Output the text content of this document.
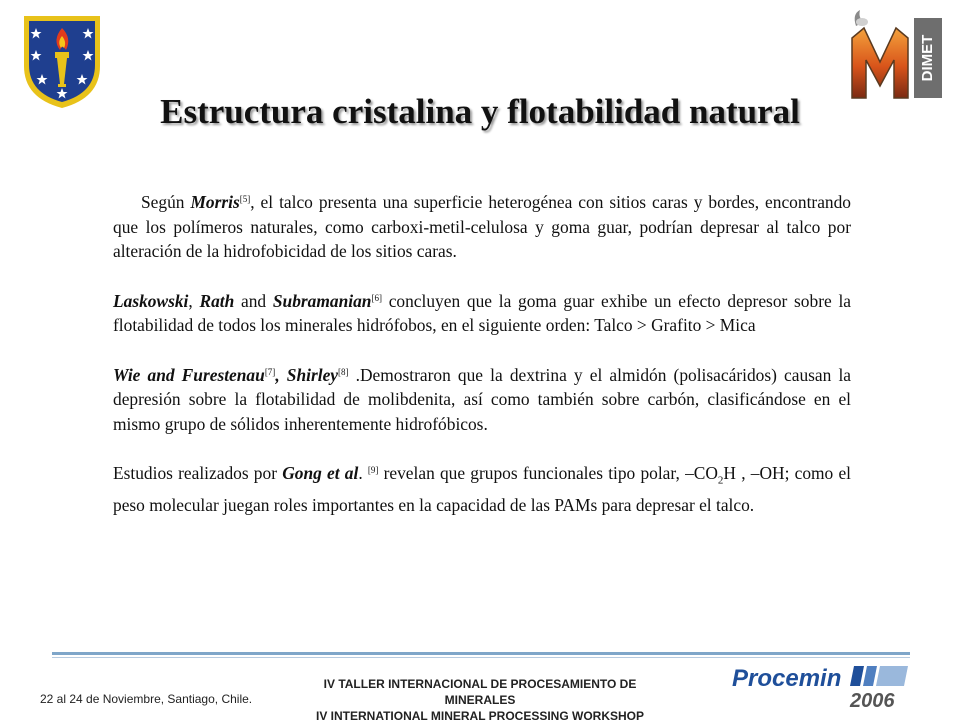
DIMET
Estructura cristalina y flotabilidad natural

Según Morris[5], el talco presenta una superficie heterogénea con sitios caras y bordes, encontrando que los polímeros naturales, como carboxi-metil-celulosa y goma guar, podrían depresar al talco por alteración de la hidrofobicidad de los sitios caras.

Laskowski, Rath and Subramanian[6] concluyen que la goma guar exhibe un efecto depresor sobre la flotabilidad de todos los minerales hidrófobos, en el siguiente orden: Talco > Grafito > Mica

Wie and Furestenau[7], Shirley[8] .Demostraron que la dextrina y el almidón (polisacáridos) causan la depresión sobre la flotabilidad de molibdenita, así como también sobre carbón, clasificándose en el mismo grupo de sólidos inherentemente hidrofóbicos.

Estudios realizados por Gong et al. [9] revelan que grupos funcionales tipo polar, $-CO_2H$ , –OH; como el peso molecular juegan roles importantes en la capacidad de las PAMs para depresar el talco.

22 al 24 de Noviembre, Santiago, Chile.
IV TALLER INTERNACIONAL DE PROCESAMIENTO DE MINERALES
IV INTERNATIONAL MINERAL PROCESSING WORKSHOP
Procemin
2006
